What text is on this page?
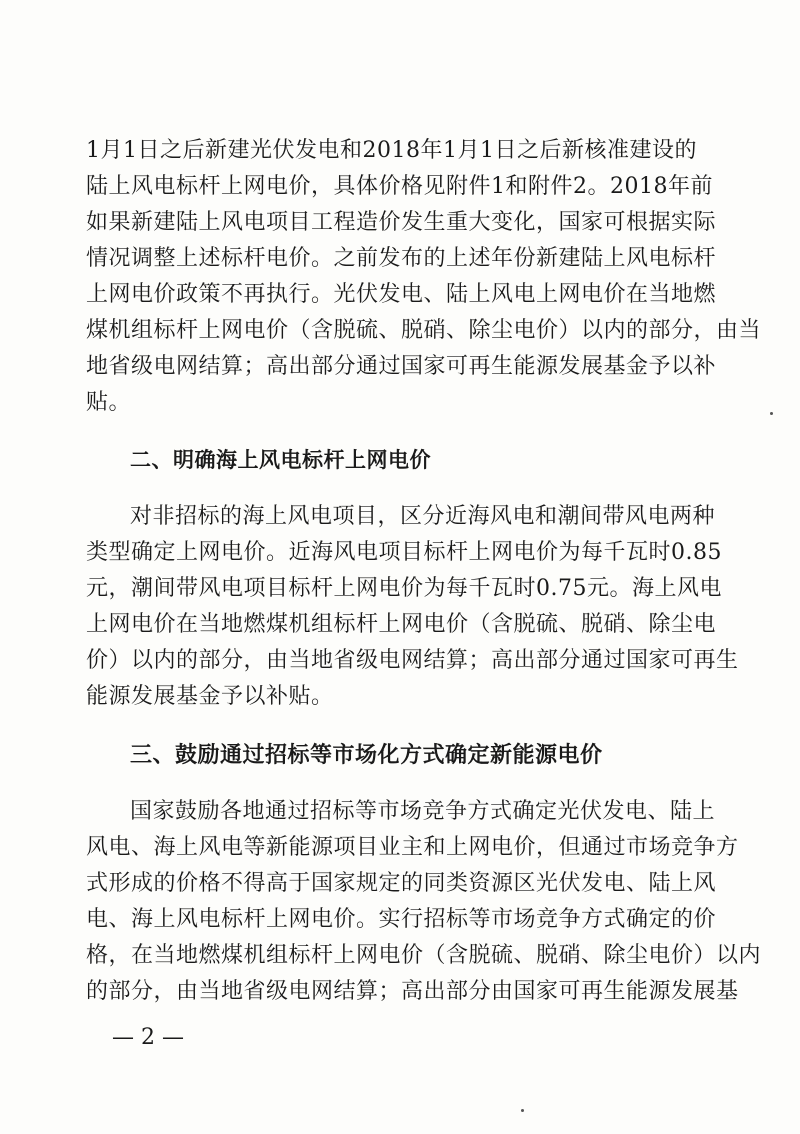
1月1日之后新建光伏发电和2018年1月1日之后新核准建设的
陆上风电标杆上网电价，具体价格见附件1和附件2。2018年前
如果新建陆上风电项目工程造价发生重大变化，国家可根据实际
情况调整上述标杆电价。之前发布的上述年份新建陆上风电标杆
上网电价政策不再执行。光伏发电、陆上风电上网电价在当地燃
煤机组标杆上网电价（含脱硫、脱硝、除尘电价）以内的部分，由当
地省级电网结算；高出部分通过国家可再生能源发展基金予以补
贴。
二、明确海上风电标杆上网电价
对非招标的海上风电项目，区分近海风电和潮间带风电两种
类型确定上网电价。近海风电项目标杆上网电价为每千瓦时0.85
元，潮间带风电项目标杆上网电价为每千瓦时0.75元。海上风电
上网电价在当地燃煤机组标杆上网电价（含脱硫、脱硝、除尘电
价）以内的部分，由当地省级电网结算；高出部分通过国家可再生
能源发展基金予以补贴。
三、鼓励通过招标等市场化方式确定新能源电价
国家鼓励各地通过招标等市场竞争方式确定光伏发电、陆上
风电、海上风电等新能源项目业主和上网电价，但通过市场竞争方
式形成的价格不得高于国家规定的同类资源区光伏发电、陆上风
电、海上风电标杆上网电价。实行招标等市场竞争方式确定的价
格，在当地燃煤机组标杆上网电价（含脱硫、脱硝、除尘电价）以内
的部分，由当地省级电网结算；高出部分由国家可再生能源发展基
— 2 —
